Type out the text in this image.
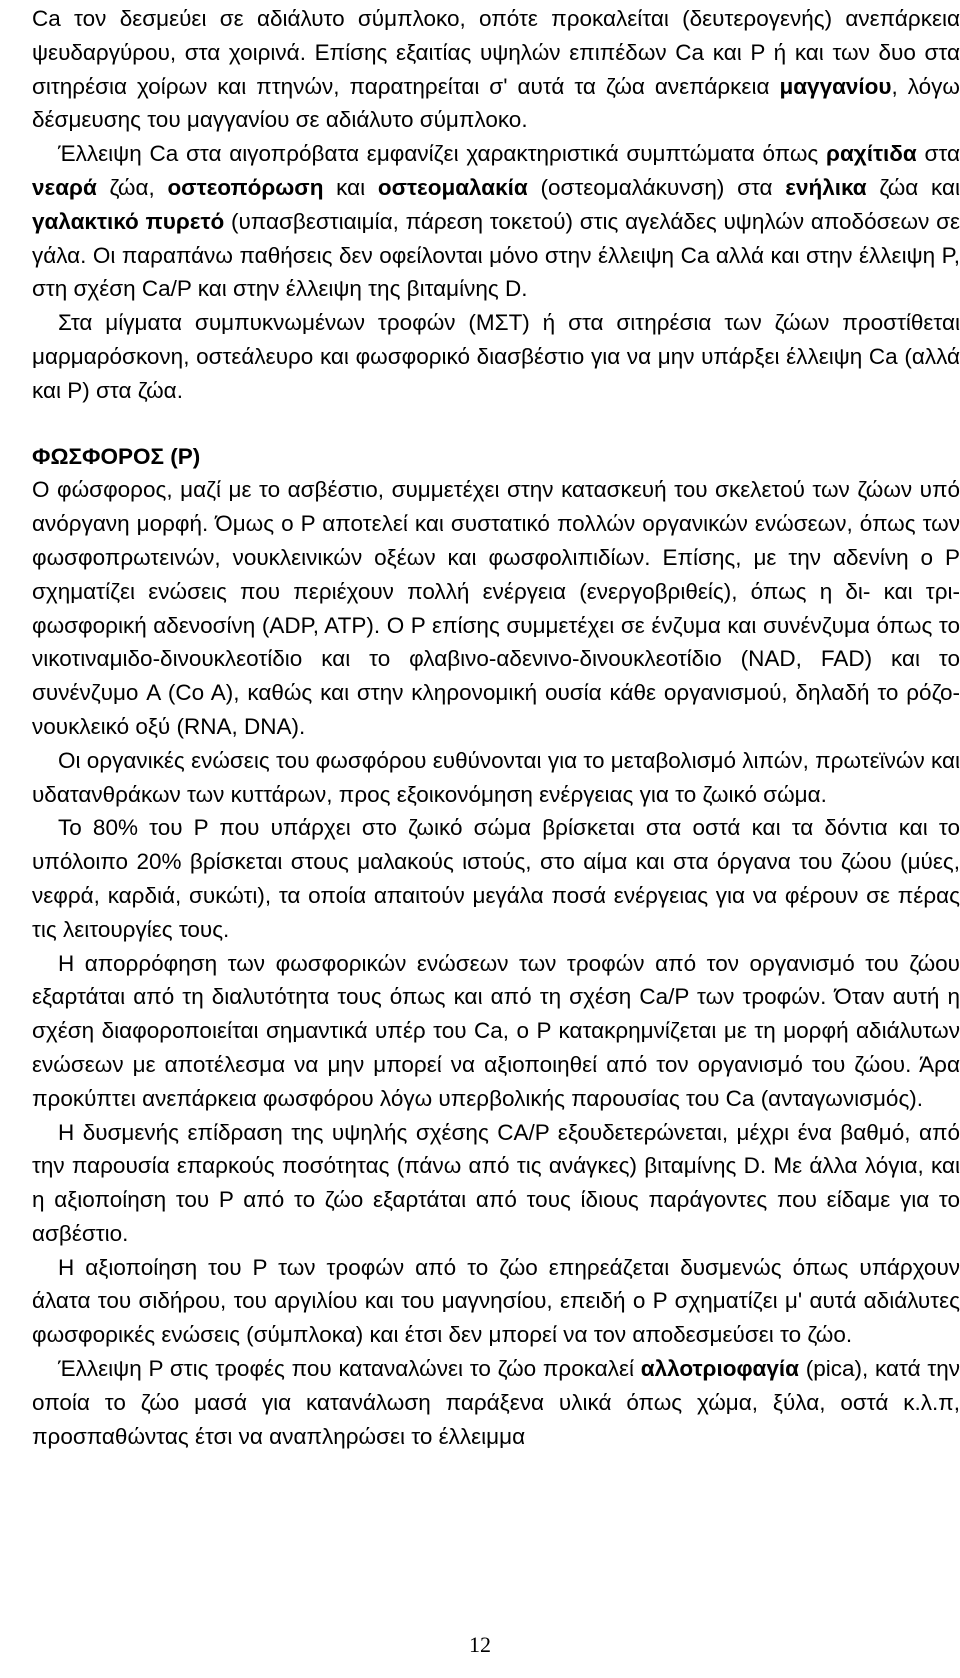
Ca τον δεσμεύει σε αδιάλυτο σύμπλοκο, οπότε προκαλείται (δευτερογενής) ανεπάρκεια ψευδαργύρου, στα χοιρινά. Επίσης εξαιτίας υψηλών επιπέδων Ca και P ή και των δυο στα σιτηρέσια χοίρων και πτηνών, παρατηρείται σ' αυτά τα ζώα ανεπάρκεια μαγγανίου, λόγω δέσμευσης του μαγγανίου σε αδιάλυτο σύμπλοκο.

Έλλειψη Ca στα αιγοπρόβατα εμφανίζει χαρακτηριστικά συμπτώματα όπως ραχίτιδα στα νεαρά ζώα, οστεοπόρωση και οστεομαλακία (οστεομαλάκυνση) στα ενήλικα ζώα και γαλακτικό πυρετό (υπασβεστιαιμία, πάρεση τοκετού) στις αγελάδες υψηλών αποδόσεων σε γάλα. Οι παραπάνω παθήσεις δεν οφείλονται μόνο στην έλλειψη Ca αλλά και στην έλλειψη P, στη σχέση Ca/P και στην έλλειψη της βιταμίνης D.

Στα μίγματα συμπυκνωμένων τροφών (ΜΣΤ) ή στα σιτηρέσια των ζώων προστίθεται μαρμαρόσκονη, οστεάλευρο και φωσφορικό διασβέστιο για να μην υπάρξει έλλειψη Ca (αλλά και P) στα ζώα.

ΦΩΣΦΟΡΟΣ (P)

Ο φώσφορος, μαζί με το ασβέστιο, συμμετέχει στην κατασκευή του σκελετού των ζώων υπό ανόργανη μορφή. Όμως ο P αποτελεί και συστατικό πολλών οργανικών ενώσεων, όπως των φωσφοπρωτεινών, νουκλεινικών οξέων και φωσφολιπιδίων. Επίσης, με την αδενίνη ο P σχηματίζει ενώσεις που περιέχουν πολλή ενέργεια (ενεργοβριθείς), όπως η δι- και τρι-φωσφορική αδενοσίνη (ADP, ATP). Ο P επίσης συμμετέχει σε ένζυμα και συνένζυμα όπως το νικοτιναμιδο-δινουκλεοτίδιο και το φλαβινο-αδενινο-δινουκλεοτίδιο (NAD, FAD) και το συνένζυμο A (Co A), καθώς και στην κληρονομική ουσία κάθε οργανισμού, δηλαδή το ρόζο-νουκλεικό οξύ (RNA, DNA).

Οι οργανικές ενώσεις του φωσφόρου ευθύνονται για το μεταβολισμό λιπών, πρωτεϊνών και υδατανθράκων των κυττάρων, προς εξοικονόμηση ενέργειας για το ζωικό σώμα.

Το 80% του P που υπάρχει στο ζωικό σώμα βρίσκεται στα οστά και τα δόντια και το υπόλοιπο 20% βρίσκεται στους μαλακούς ιστούς, στο αίμα και στα όργανα του ζώου (μύες, νεφρά, καρδιά, συκώτι), τα οποία απαιτούν μεγάλα ποσά ενέργειας για να φέρουν σε πέρας τις λειτουργίες τους.

Η απορρόφηση των φωσφορικών ενώσεων των τροφών από τον οργανισμό του ζώου εξαρτάται από τη διαλυτότητα τους όπως και από τη σχέση Ca/P των τροφών. Όταν αυτή η σχέση διαφοροποιείται σημαντικά υπέρ του Ca, ο P κατακρημνίζεται με τη μορφή αδιάλυτων ενώσεων με αποτέλεσμα να μην μπορεί να αξιοποιηθεί από τον οργανισμό του ζώου. Άρα προκύπτει ανεπάρκεια φωσφόρου λόγω υπερβολικής παρουσίας του Ca (ανταγωνισμός).

Η δυσμενής επίδραση της υψηλής σχέσης CA/P εξουδετερώνεται, μέχρι ένα βαθμό, από την παρουσία επαρκούς ποσότητας (πάνω από τις ανάγκες) βιταμίνης D. Με άλλα λόγια, και η αξιοποίηση του P από το ζώο εξαρτάται από τους ίδιους παράγοντες που είδαμε για το ασβέστιο.

Η αξιοποίηση του P των τροφών από το ζώο επηρεάζεται δυσμενώς όπως υπάρχουν άλατα του σιδήρου, του αργιλίου και του μαγνησίου, επειδή ο P σχηματίζει μ' αυτά αδιάλυτες φωσφορικές ενώσεις (σύμπλοκα) και έτσι δεν μπορεί να τον αποδεσμεύσει το ζώο.

Έλλειψη P στις τροφές που καταναλώνει το ζώο προκαλεί αλλοτριοφαγία (pica), κατά την οποία το ζώο μασά για κατανάλωση παράξενα υλικά όπως χώμα, ξύλα, οστά κ.λ.π, προσπαθώντας έτσι να αναπληρώσει το έλλειμμα

12
